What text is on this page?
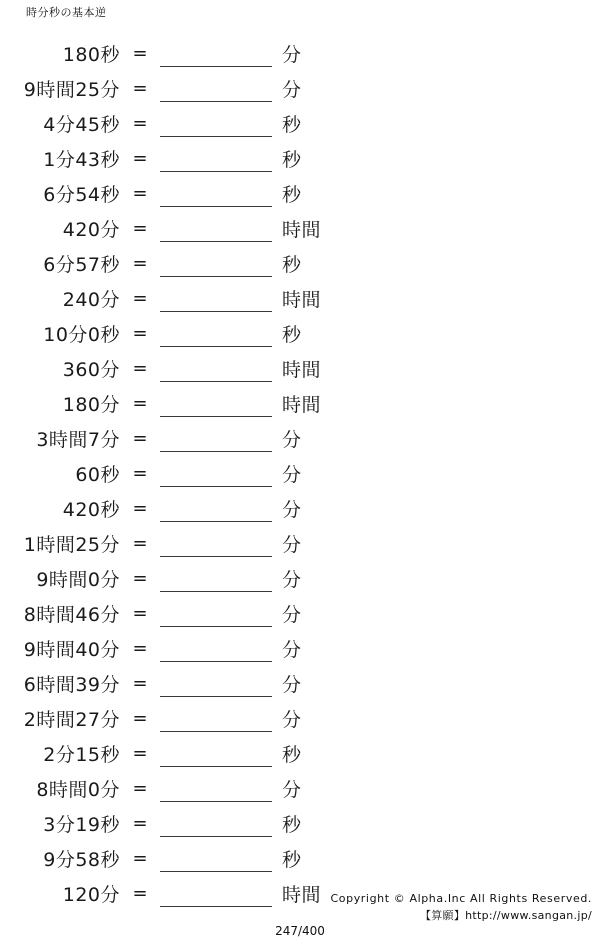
時分秒の基本逆
180秒 =	分
9時間25分 =	分
4分45秒 =	秒
1分43秒 =	秒
6分54秒 =	秒
420分 =	時間
6分57秒 =	秒
240分 =	時間
10分0秒 =	秒
360分 =	時間
180分 =	時間
3時間7分 =	分
60秒 =	分
420秒 =	分
1時間25分 =	分
9時間0分 =	分
8時間46分 =	分
9時間40分 =	分
6時間39分 =	分
2時間27分 =	分
2分15秒 =	秒
8時間0分 =	分
3分19秒 =	秒
9分58秒 =	秒
120分 =	時間
247/400
Copyright © Alpha.Inc All Rights Reserved.
【算願】http://www.sangan.jp/
